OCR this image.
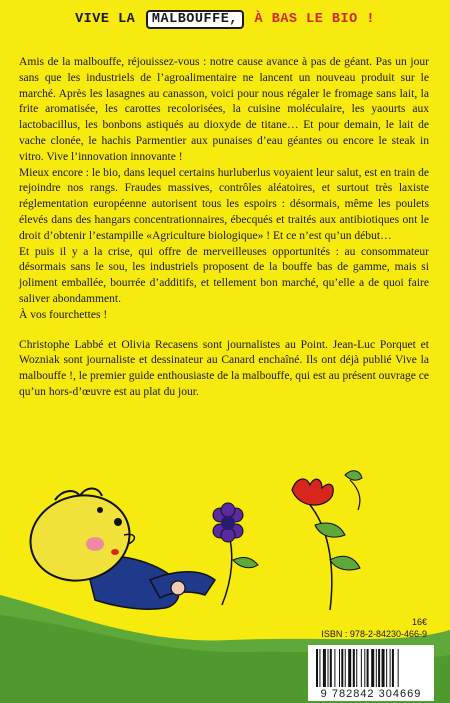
VIVE LA MALBOUFFE, À BAS LE BIO !

Amis de la malbouffe, réjouissez-vous : notre cause avance à pas de géant. Pas un jour sans que les industriels de l’agroalimentaire ne lancent un nouveau produit sur le marché. Après les lasagnes au canasson, voici pour nous régaler le fromage sans lait, la frite aromatisée, les carottes recolorisées, la cuisine moléculaire, les yaourts aux lactobacillus, les bonbons astiqués au dioxyde de titane… Et pour demain, le lait de vache clonée, le hachis Parmentier aux punaises d’eau géantes ou encore le steak in vitro. Vive l’innovation innovante !

Mieux encore : le bio, dans lequel certains hurluberlus voyaient leur salut, est en train de rejoindre nos rangs. Fraudes massives, contrôles aléatoires, et surtout très laxiste réglementation européenne autorisent tous les espoirs : désormais, même les poulets élevés dans des hangars concentrationnaires, ébecqués et traités aux antibiotiques ont le droit d’obtenir l’estampille «Agriculture biologique» ! Et ce n’est qu’un début…

Et puis il y a la crise, qui offre de merveilleuses opportunités : au consommateur désormais sans le sou, les industriels proposent de la bouffe bas de gamme, mais si joliment emballée, bourrée d’additifs, et tellement bon marché, qu’elle a de quoi faire saliver abondamment.

À vos fourchettes !

Christophe Labbé et Olivia Recasens sont journalistes au Point. Jean-Luc Porquet et Wozniak sont journaliste et dessinateur au Canard enchaîné. Ils ont déjà publié Vive la malbouffe !, le premier guide enthousiaste de la malbouffe, qui est au présent ouvrage ce qu’un hors-d’œuvre est au plat du jour.

16€
ISBN : 978-2-84230-466-9
9 782842 304669
